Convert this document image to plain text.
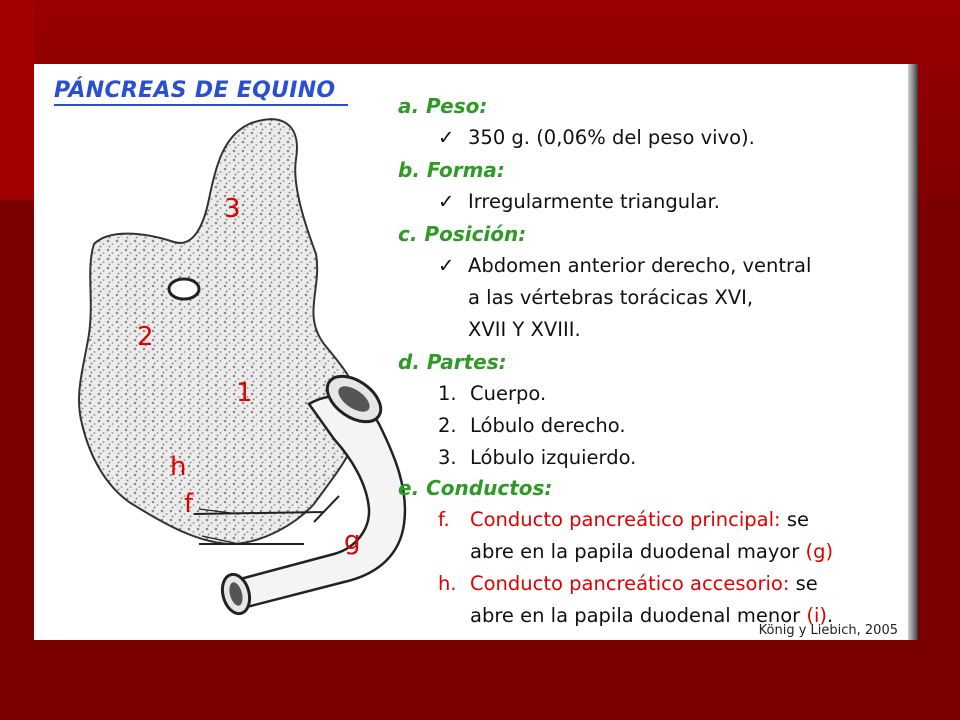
PÁNCREAS DE EQUINO
3
2
1
h
f
g
a. Peso:
✓ 350 g. (0,06% del peso vivo).
b. Forma:
✓ Irregularmente triangular.
c. Posición:
✓ Abdomen anterior derecho, ventral
a las vértebras torácicas XVI,
XVII Y XVIII.
d. Partes:
1. Cuerpo.
2. Lóbulo derecho.
3. Lóbulo izquierdo.
e. Conductos:
f. Conducto pancreático principal: se
abre en la papila duodenal mayor (g)
h. Conducto pancreático accesorio: se
abre en la papila duodenal menor (i).
König y Liebich, 2005
